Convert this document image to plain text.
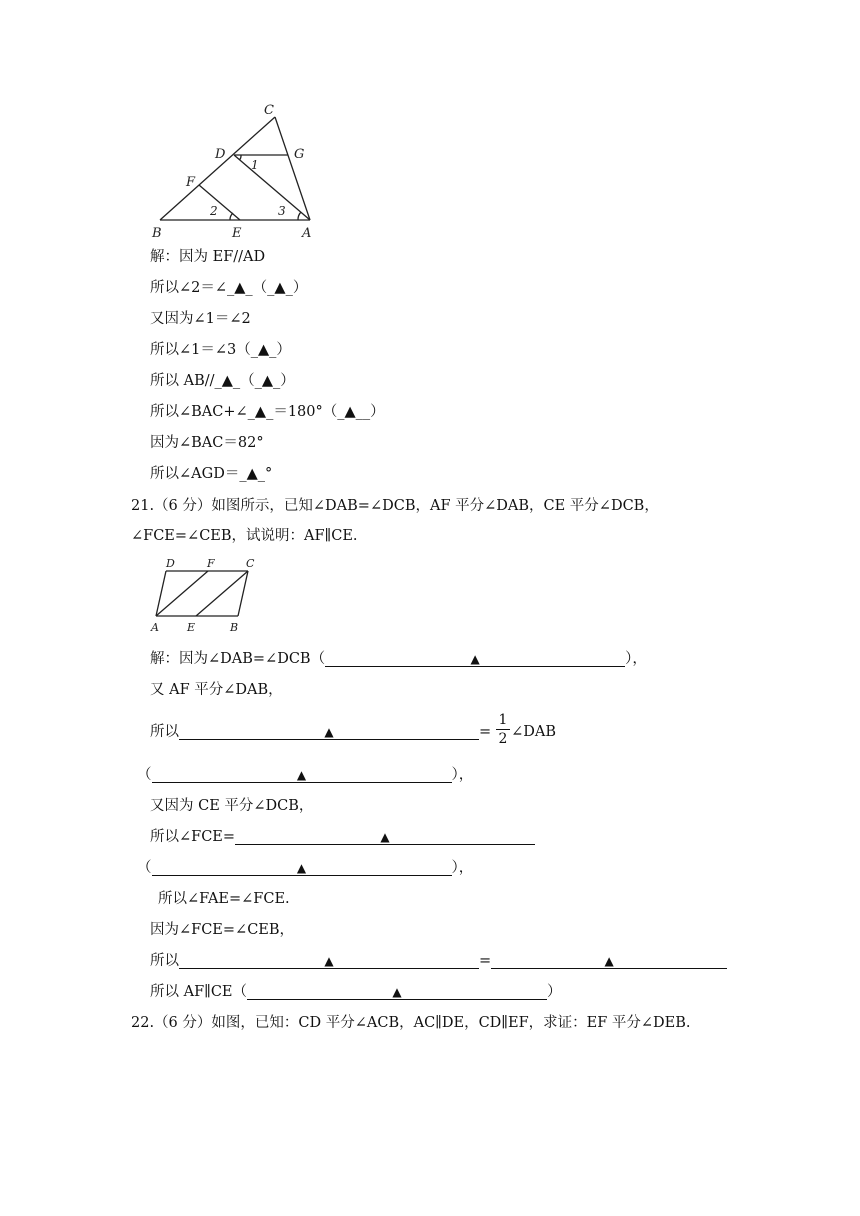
C
D	G
F
B	E	A
1
2	3
解：因为 EF//AD
所以∠2＝∠_▲_（_▲_）
又因为∠1＝∠2
所以∠1＝∠3（_▲_）
所以 AB//_▲_（_▲_）
所以∠BAC+∠_▲_＝180°（_▲__）
因为∠BAC＝82°
所以∠AGD＝_▲_°
21.（6 分）如图所示，已知∠DAB=∠DCB，AF 平分∠DAB，CE 平分∠DCB，
∠FCE=∠CEB，试说明：AF∥CE.
D	F	C
A	E	B
解：因为∠DAB=∠DCB（	▲	），
又 AF 平分∠DAB，
所以	▲	= ∠DAB
1
2
（	▲	），
又因为 CE 平分∠DCB，
所以∠FCE=	▲
（	▲	），
所以∠FAE=∠FCE.
因为∠FCE=∠CEB，
所以	▲	=	▲
所以 AF∥CE（	▲	）
22.（6 分）如图，已知：CD 平分∠ACB，AC∥DE，CD∥EF，求证：EF 平分∠DEB.
